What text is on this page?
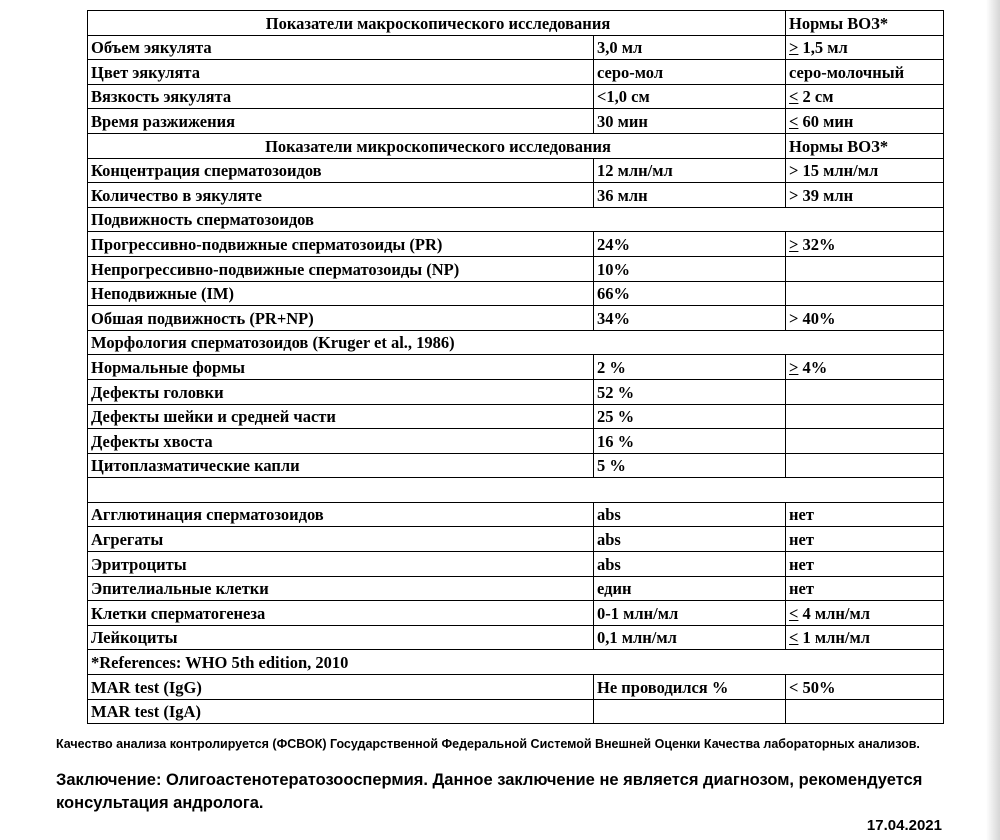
Показатели макроскопического исследования		Нормы ВОЗ*
Объем эякулята	3,0 мл	> 1,5 мл
Цвет эякулята	серо-мол	серо-молочный
Вязкость эякулята	<1,0 см	< 2 см
Время разжижения	30 мин	< 60 мин
Показатели микроскопического исследования		Нормы ВОЗ*
Концентрация сперматозоидов	12 млн/мл	> 15 млн/мл
Количество в эякуляте	36 млн	> 39 млн
Подвижность сперматозоидов		
Прогрессивно-подвижные сперматозоиды (PR)	24%	> 32%
Непрогрессивно-подвижные сперматозоиды (NP)	10%	
Неподвижные (IM)	66%	
Обшая подвижность (PR+NP)	34%	> 40%
Морфология сперматозоидов (Kruger et al., 1986)		
Нормальные формы	2 %	> 4%
Дефекты головки	52 %	
Дефекты шейки и средней части	25 %	
Дефекты хвоста	16 %	
Цитоплазматические капли	5 %	

Агглютинация сперматозоидов	abs	нет
Агрегаты	abs	нет
Эритроциты	abs	нет
Эпителиальные клетки	един	нет
Клетки сперматогенеза	0-1 млн/мл	< 4 млн/мл
Лейкоциты	0,1 млн/мл	< 1 млн/мл
*References: WHO 5th edition, 2010		
MAR test (IgG)	Не проводился %	< 50%
MAR test (IgA)		
Качество анализа контролируется (ФСВОК) Государственной Федеральной Системой Внешней Оценки Качества лабораторных анализов.
Заключение: Олигоастенотератозооспермия. Данное заключение не является диагнозом, рекомендуется консультация андролога.
17.04.2021
